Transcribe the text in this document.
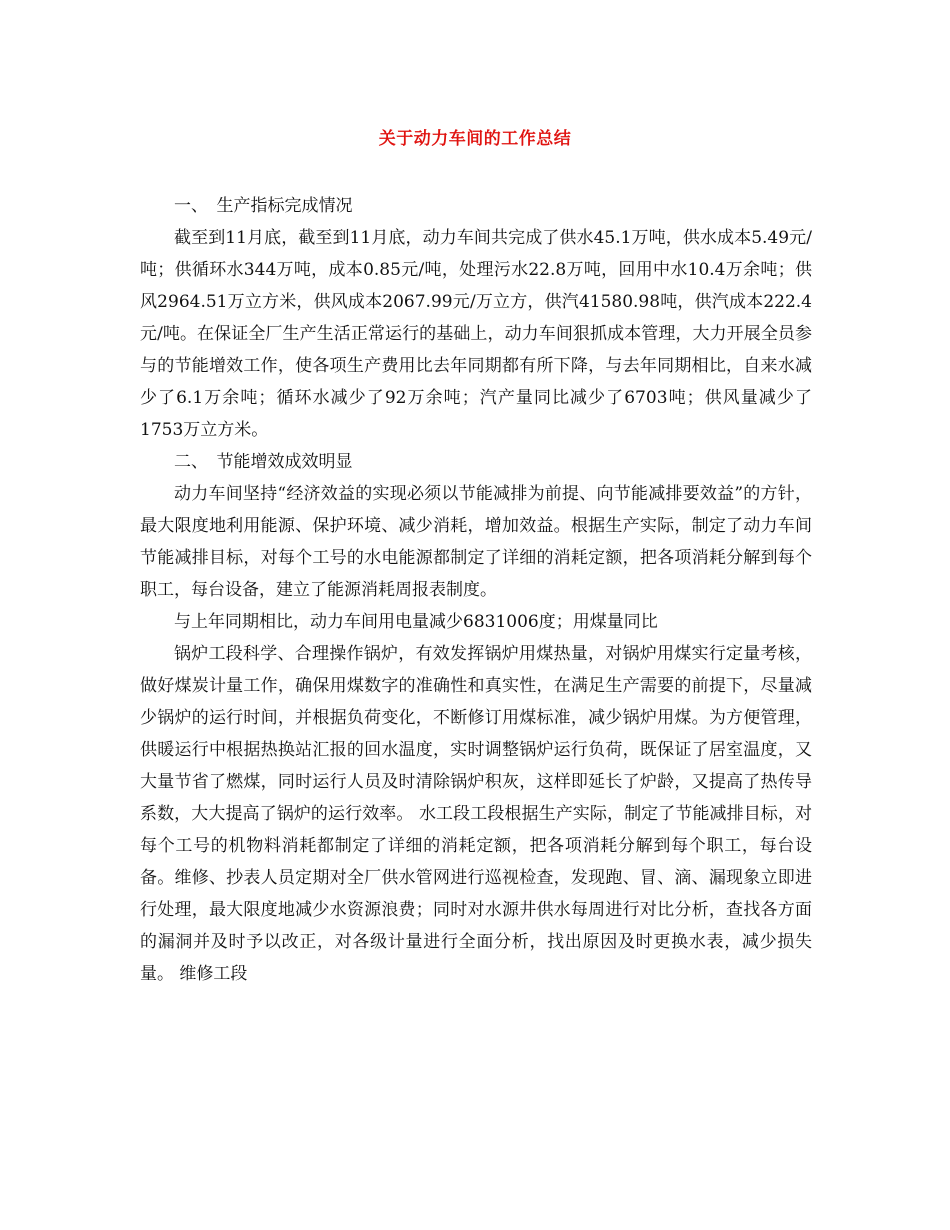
关于动力车间的工作总结

一、　生产指标完成情况

截至到11月底，截至到11月底，动力车间共完成了供水45.1万吨，供水成本5.49元/吨；供循环水344万吨，成本0.85元/吨，处理污水22.8万吨，回用中水10.4万余吨；供风2964.51万立方米，供风成本2067.99元/万立方，供汽41580.98吨，供汽成本222.4元/吨。在保证全厂生产生活正常运行的基础上，动力车间狠抓成本管理，大力开展全员参与的节能增效工作，使各项生产费用比去年同期都有所下降，与去年同期相比，自来水减少了6.1万余吨；循环水减少了92万余吨；汽产量同比减少了6703吨；供风量减少了1753万立方米。

二、　节能增效成效明显

动力车间坚持“经济效益的实现必须以节能减排为前提、向节能减排要效益”的方针，最大限度地利用能源、保护环境、减少消耗，增加效益。根据生产实际，制定了动力车间节能减排目标，对每个工号的水电能源都制定了详细的消耗定额，把各项消耗分解到每个职工，每台设备，建立了能源消耗周报表制度。

与上年同期相比，动力车间用电量减少6831006度；用煤量同比

锅炉工段科学、合理操作锅炉，有效发挥锅炉用煤热量，对锅炉用煤实行定量考核，做好煤炭计量工作，确保用煤数字的准确性和真实性，在满足生产需要的前提下，尽量减少锅炉的运行时间，并根据负荷变化，不断修订用煤标准，减少锅炉用煤。为方便管理，供暖运行中根据热换站汇报的回水温度，实时调整锅炉运行负荷，既保证了居室温度，又大量节省了燃煤，同时运行人员及时清除锅炉积灰，这样即延长了炉龄，又提高了热传导系数，大大提高了锅炉的运行效率。 水工段工段根据生产实际，制定了节能减排目标，对每个工号的机物料消耗都制定了详细的消耗定额，把各项消耗分解到每个职工，每台设备。维修、抄表人员定期对全厂供水管网进行巡视检查，发现跑、冒、滴、漏现象立即进行处理，最大限度地减少水资源浪费；同时对水源井供水每周进行对比分析，查找各方面的漏洞并及时予以改正，对各级计量进行全面分析，找出原因及时更换水表，减少损失量。 维修工段
